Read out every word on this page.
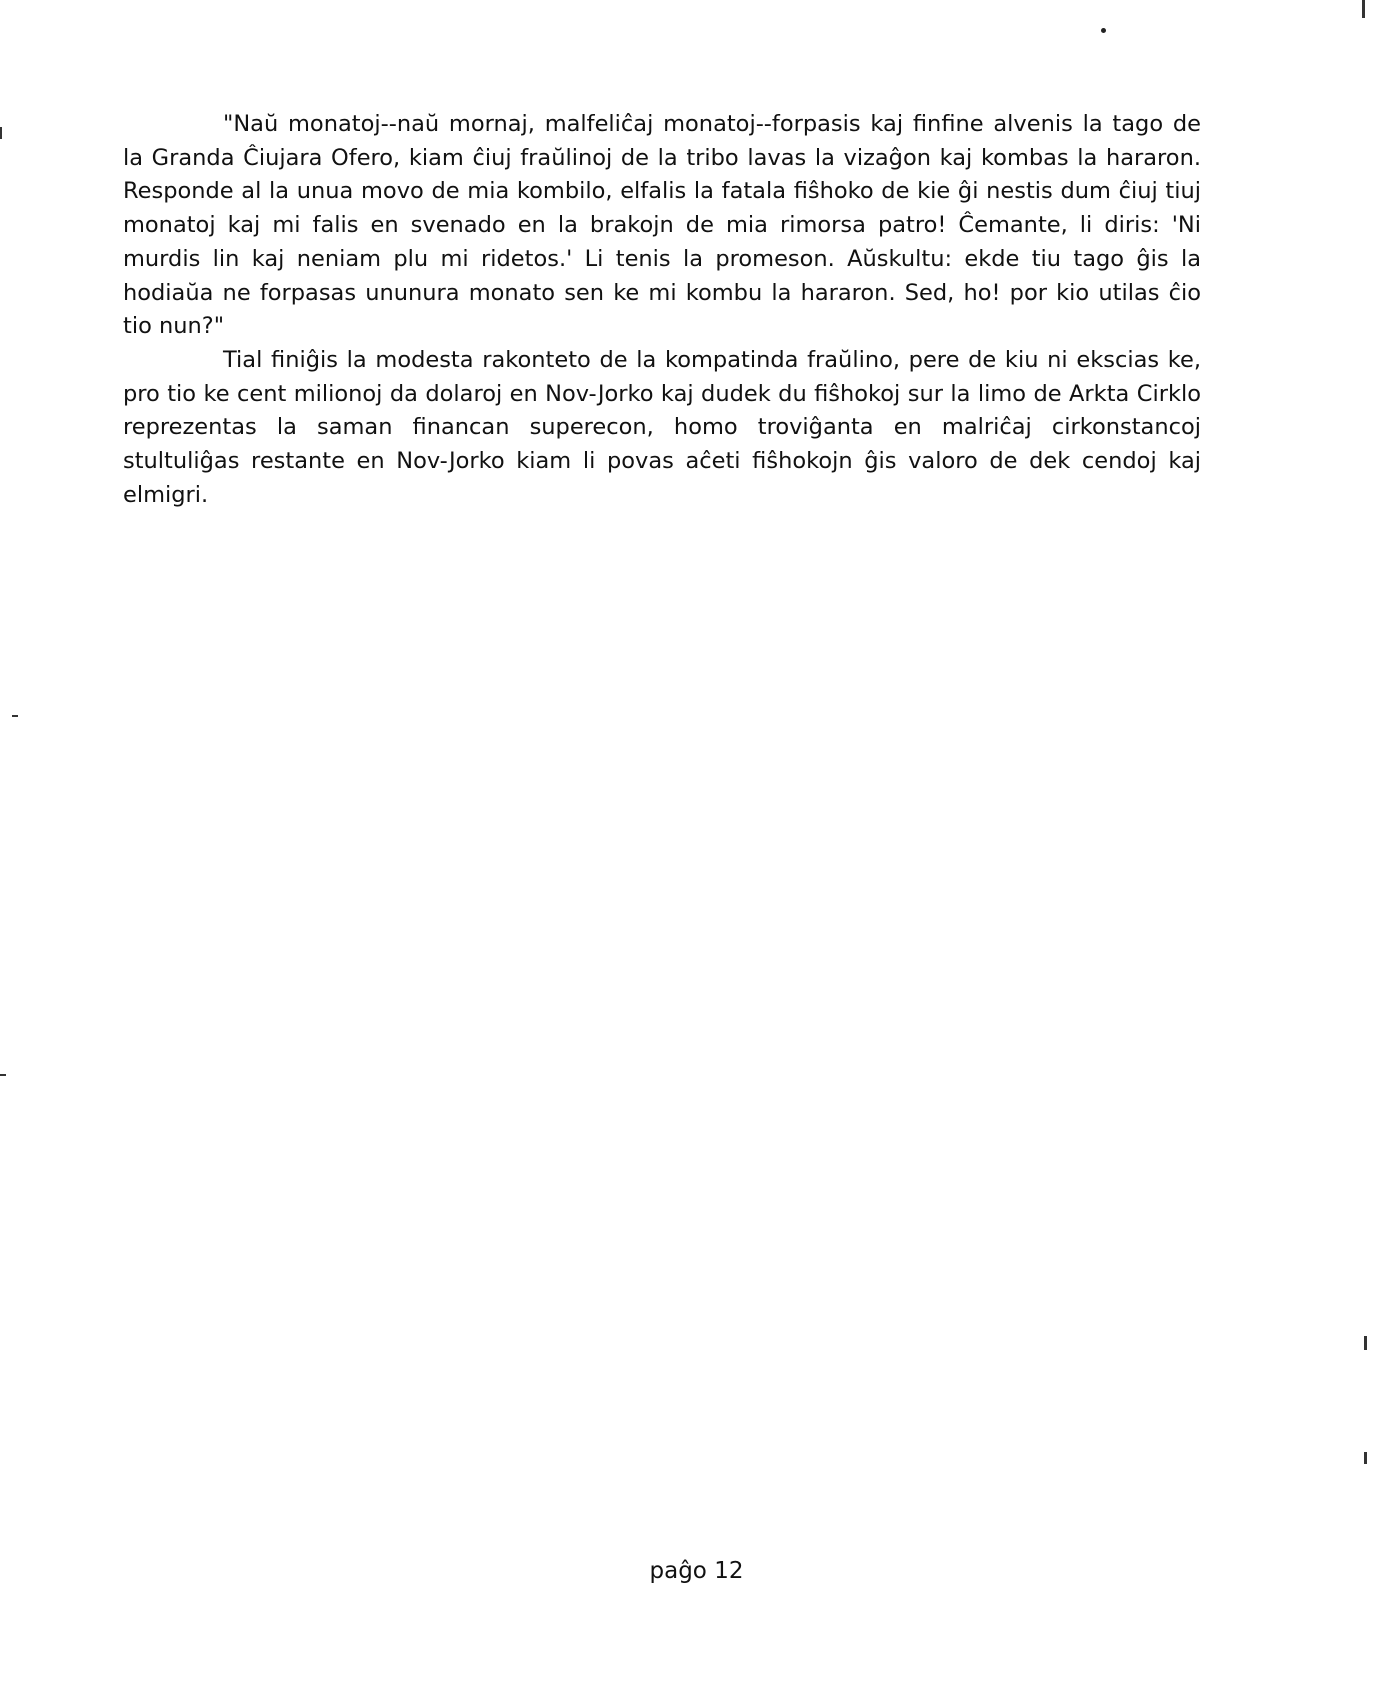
"Naŭ monatoj--naŭ mornaj, malfeliĉaj monatoj--forpasis kaj finfine alvenis la tago de la Granda Ĉiujara Ofero, kiam ĉiuj fraŭlinoj de la tribo lavas la vizaĝon kaj kombas la hararon. Responde al la unua movo de mia kombilo, elfalis la fatala fiŝhoko de kie ĝi nestis dum ĉiuj tiuj monatoj kaj mi falis en svenado en la brakojn de mia rimorsa patro! Ĉemante, li diris: 'Ni murdis lin kaj neniam plu mi ridetos.' Li tenis la promeson. Aŭskultu: ekde tiu tago ĝis la hodiaŭa ne forpasas ununura monato sen ke mi kombu la hararon. Sed, ho! por kio utilas ĉio tio nun?"

Tial finiĝis la modesta rakonteto de la kompatinda fraŭlino, pere de kiu ni ekscias ke, pro tio ke cent milionoj da dolaroj en Nov-Jorko kaj dudek du fiŝhokoj sur la limo de Arkta Cirklo reprezentas la saman financan superecon, homo troviĝanta en malriĉaj cirkonstancoj stultuliĝas restante en Nov-Jorko kiam li povas aĉeti fiŝhokojn ĝis valoro de dek cendoj kaj elmigri.

paĝo 12
